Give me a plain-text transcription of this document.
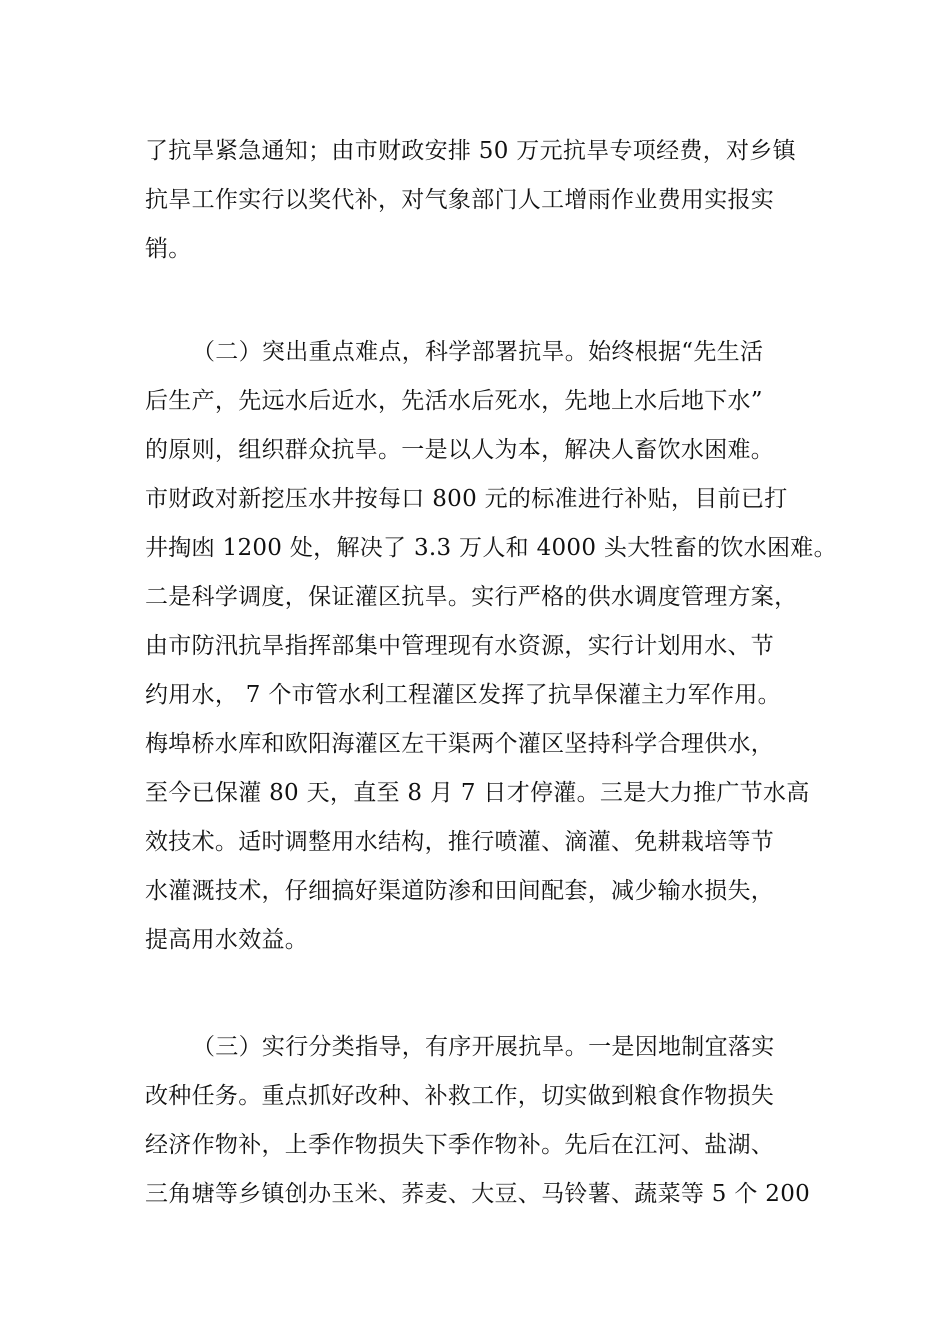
了抗旱紧急通知；由市财政安排 50 万元抗旱专项经费，对乡镇
抗旱工作实行以奖代补，对气象部门人工增雨作业费用实报实
销。
（二）突出重点难点，科学部署抗旱。始终根据“先生活
后生产，先远水后近水，先活水后死水，先地上水后地下水”
的原则，组织群众抗旱。一是以人为本，解决人畜饮水困难。
市财政对新挖压水井按每口 800 元的标准进行补贴，目前已打
井掏凼 1200 处，解决了 3.3 万人和 4000 头大牲畜的饮水困难。
二是科学调度，保证灌区抗旱。实行严格的供水调度管理方案，
由市防汛抗旱指挥部集中管理现有水资源，实行计划用水、节
约用水， 7 个市管水利工程灌区发挥了抗旱保灌主力军作用。
梅埠桥水库和欧阳海灌区左干渠两个灌区坚持科学合理供水，
至今已保灌 80 天，直至 8 月 7 日才停灌。三是大力推广节水高
效技术。适时调整用水结构，推行喷灌、滴灌、免耕栽培等节
水灌溉技术，仔细搞好渠道防渗和田间配套，减少输水损失，
提高用水效益。
（三）实行分类指导，有序开展抗旱。一是因地制宜落实
改种任务。重点抓好改种、补救工作，切实做到粮食作物损失
经济作物补，上季作物损失下季作物补。先后在江河、盐湖、
三角塘等乡镇创办玉米、荞麦、大豆、马铃薯、蔬菜等 5 个 200
